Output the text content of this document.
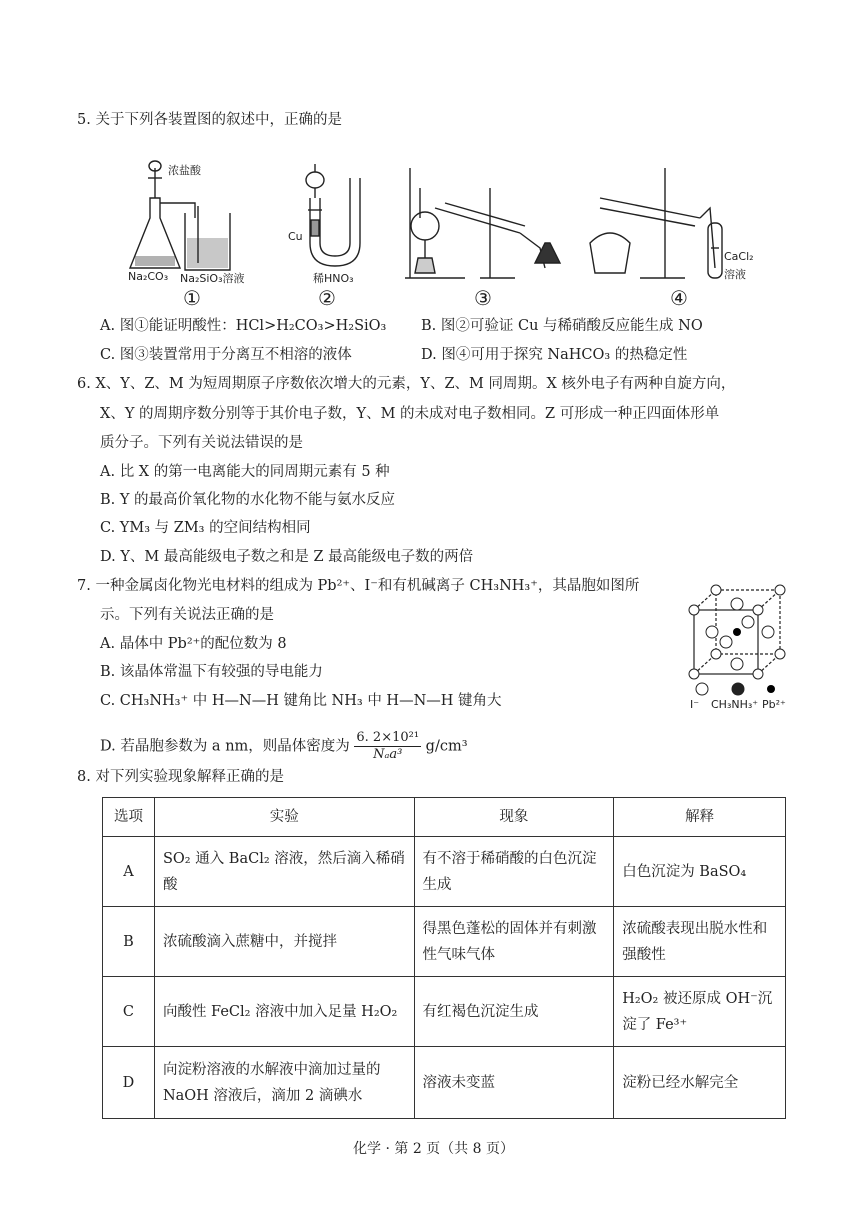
5. 关于下列各装置图的叙述中，正确的是
浓盐酸
Na₂CO₃ Na₂SiO₃溶液
Cu
稀HNO₃
CaCl₂
溶液
①	②	③	④
A. 图①能证明酸性：HCl>H₂CO₃>H₂SiO₃ B. 图②可验证 Cu 与稀硝酸反应能生成 NO
C. 图③装置常用于分离互不相溶的液体	D. 图④可用于探究 NaHCO₃ 的热稳定性
6. X、Y、Z、M 为短周期原子序数依次增大的元素，Y、Z、M 同周期。X 核外电子有两种自旋方向，
X、Y 的周期序数分别等于其价电子数，Y、M 的未成对电子数相同。Z 可形成一种正四面体形单
质分子。下列有关说法错误的是
A. 比 X 的第一电离能大的同周期元素有 5 种
B. Y 的最高价氧化物的水化物不能与氨水反应
C. YM₃ 与 ZM₃ 的空间结构相同
D. Y、M 最高能级电子数之和是 Z 最高能级电子数的两倍
7. 一种金属卤化物光电材料的组成为 Pb²⁺、I⁻和有机碱离子 CH₃NH₃⁺，其晶胞如图所
示。下列有关说法正确的是
A. 晶体中 Pb²⁺的配位数为 8
B. 该晶体常温下有较强的导电能力
C. CH₃NH₃⁺ 中 H—N—H 键角比 NH₃ 中 H—N—H 键角大
D. 若晶胞参数为 a nm，则晶体密度为 $\frac{\text{6. 2×10²¹}}{\text{Nₐa³}} g/cm^3$
I⁻ CH₃NH₃⁺ Pb²⁺
8. 对下列实验现象解释正确的是
选项	实验	现象	解释
A	SO₂ 通入 BaCl₂ 溶液，然后滴入稀硝酸	有不溶于稀硝酸的白色沉淀生成	白色沉淀为 BaSO₄
B	浓硫酸滴入蔗糖中，并搅拌	得黑色蓬松的固体并有刺激性气味气体	浓硫酸表现出脱水性和强酸性
C	向酸性 FeCl₂ 溶液中加入足量 H₂O₂	有红褐色沉淀生成	H₂O₂ 被还原成 OH⁻沉淀了 Fe³⁺
D	向淀粉溶液的水解液中滴加过量的 NaOH 溶液后，滴加 2 滴碘水	溶液未变蓝	淀粉已经水解完全
化学 · 第 2 页（共 8 页）
